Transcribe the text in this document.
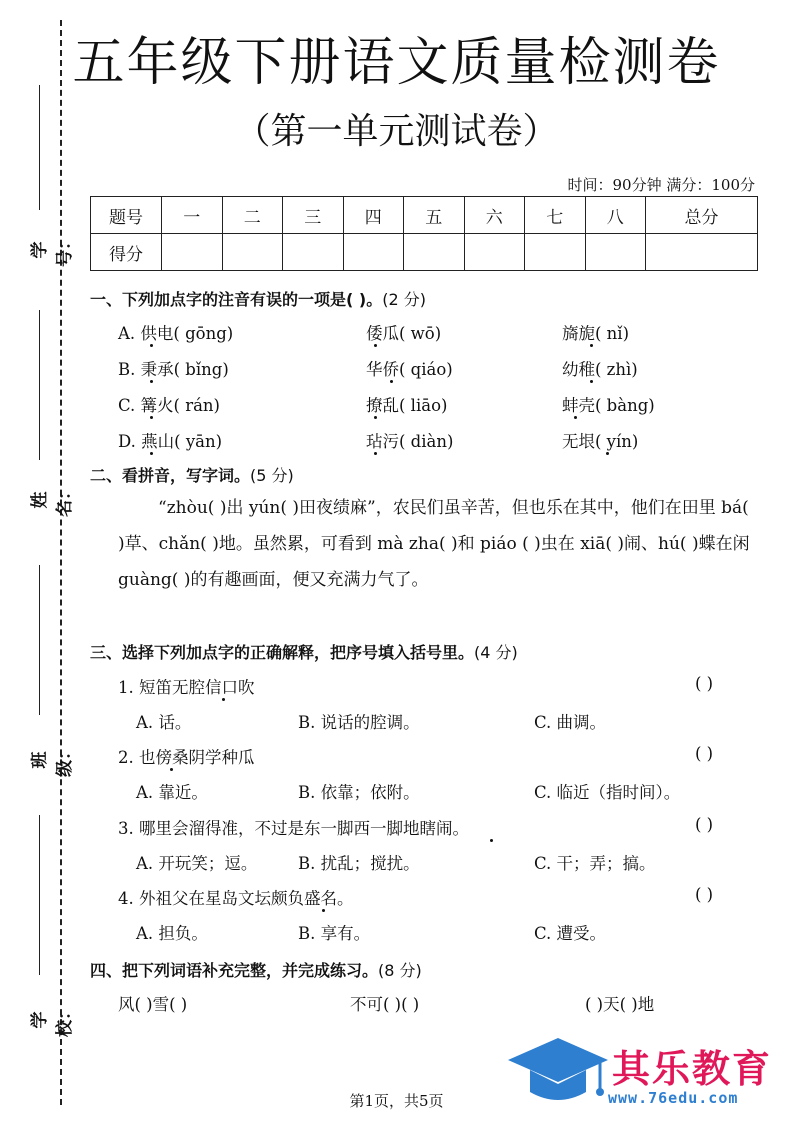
学号：
姓名：
班级：
学校：
五年级下册语文质量检测卷
（第一单元测试卷）
时间：90分钟 满分：100分
题号	一	二	三	四	五	六	七	八	总分
得分									
一、下列加点字的注音有误的一项是( )。(2 分)
A. 供电( gōng)	倭瓜( wō)	旖旎( nǐ)
B. 秉承( bǐng)	华侨( qiáo)	幼稚( zhì)
C. 篝火( rán)	撩乱( liāo)	蚌壳( bàng)
D. 燕山( yān)	玷污( diàn)	无垠( yín)
二、看拼音，写字词。(5 分)
“zhòu( )出 yún( )田夜绩麻”，农民们虽辛苦，但也乐在其中，他们在田里 bá( )草、chǎn( )地。虽然累，可看到 mà zha( )和 piáo ( )虫在 xiā( )闹、hú( )蝶在闲 guàng( )的有趣画面，便又充满力气了。
三、选择下列加点字的正确解释，把序号填入括号里。(4 分)
1. 短笛无腔信口吹	( )
A. 话。	B. 说话的腔调。	C. 曲调。
2. 也傍桑阴学种瓜	( )
A. 靠近。	B. 依靠；依附。	C. 临近（指时间）。
3. 哪里会溜得准，不过是东一脚西一脚地瞎闹。	( )
A. 开玩笑；逗。 B. 扰乱；搅扰。	C. 干；弄；搞。
4. 外祖父在星岛文坛颇负盛名。	( )
A. 担负。	B. 享有。	C. 遭受。
四、把下列词语补充完整，并完成练习。(8 分)
风( )雪( )	不可( )( )	( )天( )地
第1页，共5页
其乐教育
www.76edu.com
